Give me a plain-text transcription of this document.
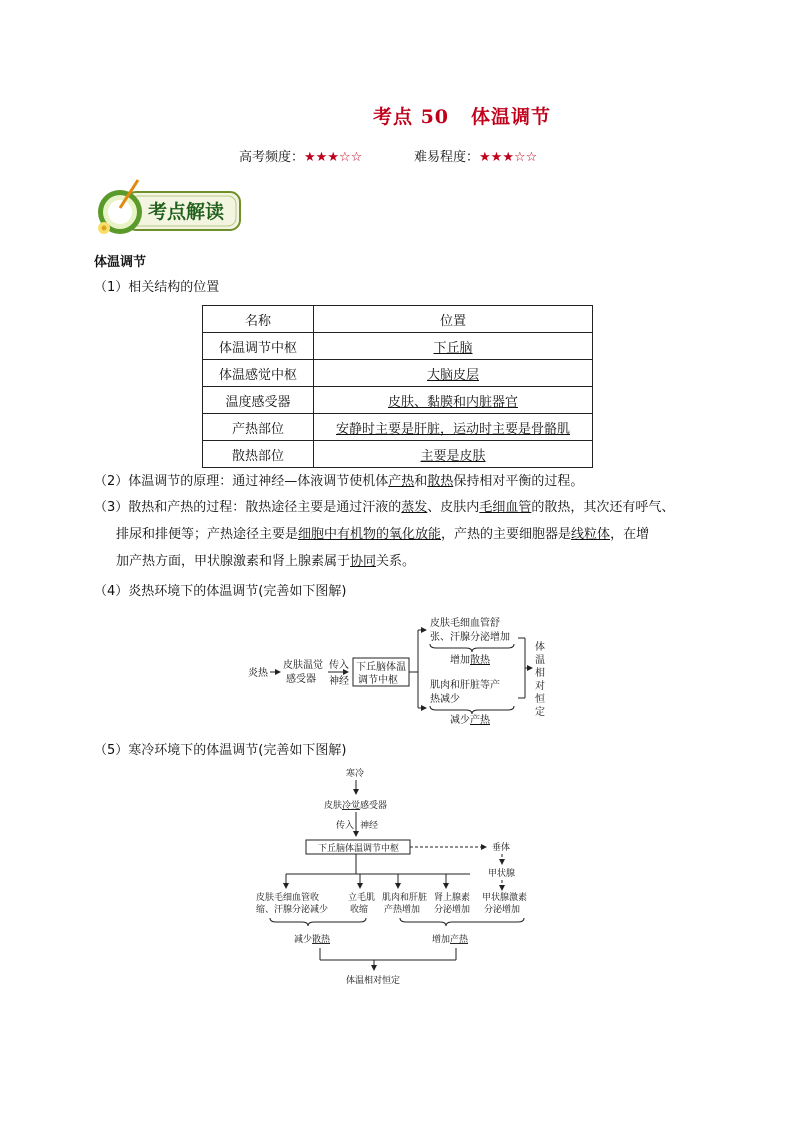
考点 50 体温调节
高考频度：★★★☆☆	难易程度：★★★☆☆
考点解读
体温调节
（1）相关结构的位置
名称	位置
体温调节中枢	下丘脑
体温感觉中枢	大脑皮层
温度感受器	皮肤、黏膜和内脏器官
产热部位	安静时主要是肝脏，运动时主要是骨骼肌
散热部位	主要是皮肤
（2）体温调节的原理：通过神经—体液调节使机体产热和散热保持相对平衡的过程。
（3）散热和产热的过程：散热途径主要是通过汗液的蒸发、皮肤内毛细血管的散热，其次还有呼气、
排尿和排便等；产热途径主要是细胞中有机物的氧化放能，产热的主要细胞器是线粒体，在增
加产热方面，甲状腺激素和肾上腺素属于协同关系。
（4）炎热环境下的体温调节(完善如下图解)
炎热
皮肤温觉
感受器
传入
神经
下丘脑体温
调节中枢
皮肤毛细血管舒
张、汗腺分泌增加
增加散热
肌肉和肝脏等产
热减少
减少产热
体
温
相
对
恒
定
（5）寒冷环境下的体温调节(完善如下图解)
寒冷
皮肤冷觉感受器
传入 神经
下丘脑体温调节中枢	垂体
甲状腺
皮肤毛细血管收
缩、汗腺分泌减少
立毛肌
收缩
肌肉和肝脏
产热增加
肾上腺素
分泌增加
甲状腺激素
分泌增加
减少散热	增加产热
体温相对恒定
